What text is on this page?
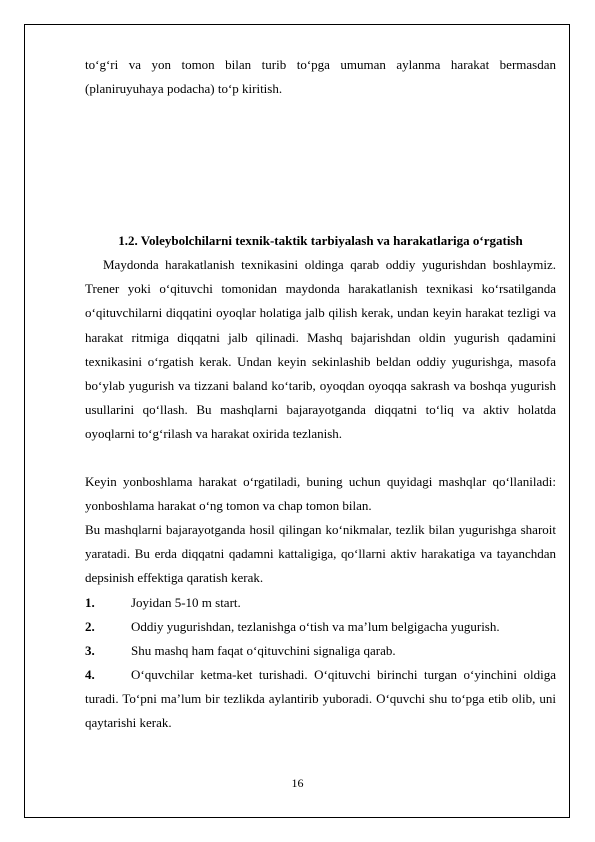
to‘g‘ri va yon tomon bilan turib to‘pga umuman aylanma harakat bermasdan (planiruyuhaya podacha) to‘p kiritish.
1.2. Voleybolchilarni texnik-taktik tarbiyalash va harakatlariga o‘rgatish
Maydonda harakatlanish texnikasini oldinga qarab oddiy yugurishdan boshlaymiz. Trener yoki o‘qituvchi tomonidan maydonda harakatlanish texnikasi ko‘rsatilganda o‘qituvchilarni diqqatini oyoqlar holatiga jalb qilish kerak, undan keyin harakat tezligi va harakat ritmiga diqqatni jalb qilinadi. Mashq bajarishdan oldin yugurish qadamini texnikasini o‘rgatish kerak. Undan keyin sekinlashib beldan oddiy yugurishga, masofa bo‘ylab yugurish va tizzani baland ko‘tarib, oyoqdan oyoqqa sakrash va boshqa yugurish usullarini qo‘llash. Bu mashqlarni bajarayotganda diqqatni to‘liq va aktiv holatda oyoqlarni to‘g‘rilash va harakat oxirida tezlanish.
Keyin yonboshlama harakat o‘rgatiladi, buning uchun quyidagi mashqlar qo‘llaniladi: yonboshlama harakat o‘ng tomon va chap tomon bilan.
Bu mashqlarni bajarayotganda hosil qilingan ko‘nikmalar, tezlik bilan yugurishga sharoit yaratadi. Bu erda diqqatni qadamni kattaligiga, qo‘llarni aktiv harakatiga va tayanchdan depsinish effektiga qaratish kerak.
1.	Joyidan 5-10 m start.
2.	Oddiy yugurishdan, tezlanishga o‘tish va ma’lum belgigacha yugurish.
3.	Shu mashq ham faqat o‘qituvchini signaliga qarab.
4.	O‘quvchilar ketma-ket turishadi. O‘qituvchi birinchi turgan o‘yinchini oldiga turadi. To‘pni ma’lum bir tezlikda aylantirib yuboradi. O‘quvchi shu to‘pga etib olib, uni qaytarishi kerak.
16
